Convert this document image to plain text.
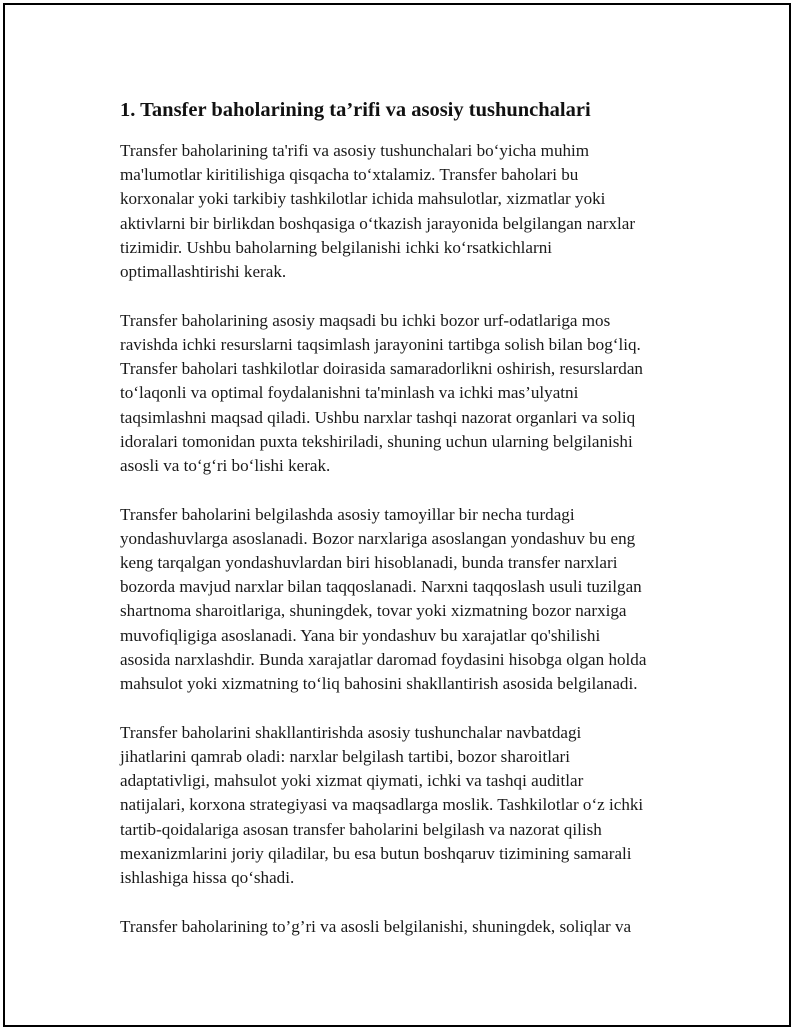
1. Tansfer baholarining ta’rifi va asosiy tushunchalari

Transfer baholarining ta'rifi va asosiy tushunchalari bo‘yicha muhim
ma'lumotlar kiritilishiga qisqacha to‘xtalamiz. Transfer baholari bu
korxonalar yoki tarkibiy tashkilotlar ichida mahsulotlar, xizmatlar yoki
aktivlarni bir birlikdan boshqasiga o‘tkazish jarayonida belgilangan narxlar
tizimidir. Ushbu baholarning belgilanishi ichki ko‘rsatkichlarni
optimallashtirishi kerak.

Transfer baholarining asosiy maqsadi bu ichki bozor urf-odatlariga mos
ravishda ichki resurslarni taqsimlash jarayonini tartibga solish bilan bog‘liq.
Transfer baholari tashkilotlar doirasida samaradorlikni oshirish, resurslardan
to‘laqonli va optimal foydalanishni ta'minlash va ichki mas’ulyatni
taqsimlashni maqsad qiladi. Ushbu narxlar tashqi nazorat organlari va soliq
idoralari tomonidan puxta tekshiriladi, shuning uchun ularning belgilanishi
asosli va to‘g‘ri bo‘lishi kerak.

Transfer baholarini belgilashda asosiy tamoyillar bir necha turdagi
yondashuvlarga asoslanadi. Bozor narxlariga asoslangan yondashuv bu eng
keng tarqalgan yondashuvlardan biri hisoblanadi, bunda transfer narxlari
bozorda mavjud narxlar bilan taqqoslanadi. Narxni taqqoslash usuli tuzilgan
shartnoma sharoitlariga, shuningdek, tovar yoki xizmatning bozor narxiga
muvofiqligiga asoslanadi. Yana bir yondashuv bu xarajatlar qo'shilishi
asosida narxlashdir. Bunda xarajatlar daromad foydasini hisobga olgan holda
mahsulot yoki xizmatning to‘liq bahosini shakllantirish asosida belgilanadi.

Transfer baholarini shakllantirishda asosiy tushunchalar navbatdagi
jihatlarini qamrab oladi: narxlar belgilash tartibi, bozor sharoitlari
adaptativligi, mahsulot yoki xizmat qiymati, ichki va tashqi auditlar
natijalari, korxona strategiyasi va maqsadlarga moslik. Tashkilotlar o‘z ichki
tartib-qoidalariga asosan transfer baholarini belgilash va nazorat qilish
mexanizmlarini joriy qiladilar, bu esa butun boshqaruv tizimining samarali
ishlashiga hissa qo‘shadi.

Transfer baholarining to’g’ri va asosli belgilanishi, shuningdek, soliqlar va
